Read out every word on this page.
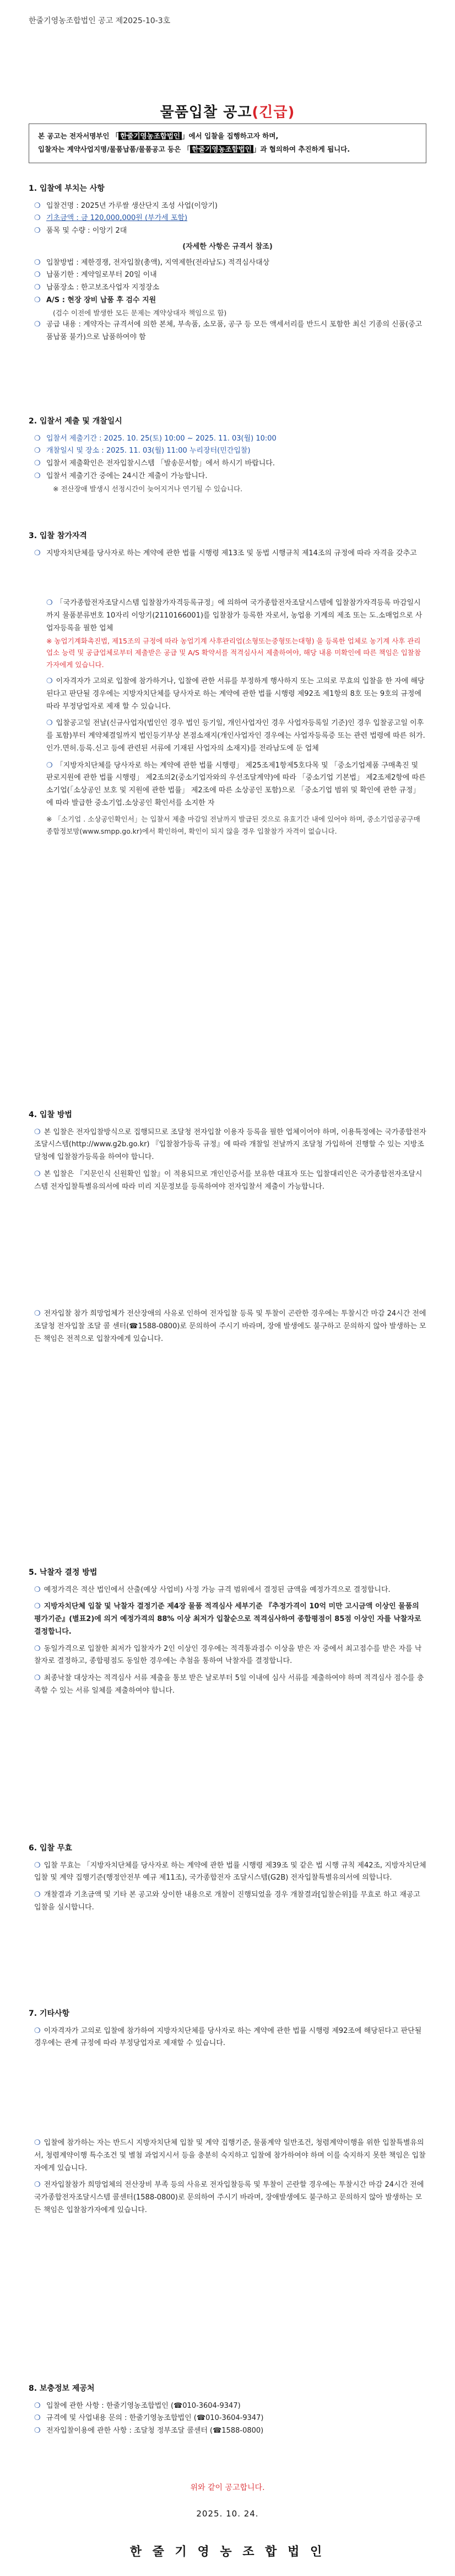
한줄기영농조합법인 공고 제2025-10-3호
물품입찰 공고(긴급)
본 공고는 전자서명부인 「 한줄기영농조합법인 」에서 입찰을 집행하고자 하며,
입찰자는 계약사업지명/물품납품/물품공고 등은 「 한줄기영농조합법인 」과 협의하여 추진하게 됩니다.
1. 입찰에 부치는 사항
❍ 입찰건명 : 2025년 가루쌀 생산단지 조성 사업(이앙기)
❍ 기초금액 : 금 120,000,000원 (부가세 포함)
❍ 품목 및 수량 : 이앙기 2대
(자세한 사항은 규격서 참조)
❍ 입찰방법 : 제한경쟁, 전자입찰(총액), 지역제한(전라남도) 적격심사대상
❍ 납품기한 : 계약일로부터 20일 이내
❍ 납품장소 : 한고보조사업자 지정장소
❍ A/S : 현장 장비 납품 후 검수 지원
(검수 이전에 발생한 모든 문제는 계약상대자 책임으로 함)
❍ 공급 내용 : 계약자는 규격서에 의한 본체, 부속품, 소모품, 공구 등 모든 액세서리를 반드시 포함한 최신 기종의 신품(중고품납품 불가)으로 납품하여야 함
2. 입찰서 제출 및 개찰일시
❍ 입찰서 제출기간 : 2025. 10. 25(토) 10:00 ~ 2025. 11. 03(월) 10:00
❍ 개찰일시 및 장소 : 2025. 11. 03(월) 11:00 누리장터(민간입찰)
❍ 입찰서 제출확인은 전자입찰시스템 「발송문서함」에서 하시기 바랍니다.
❍ 입찰서 제출기간 중에는 24시간 제출이 가능합니다.
※ 전산장애 발생시 선정시간이 늦어지거나 연기될 수 있습니다.
3. 입찰 참가자격
❍ 지방자치단체를 당사자로 하는 계약에 관한 법률 시행령 제13조 및 동법 시행규칙 제14조의 규정에 따라 자격을 갖추고
❍ 「국가종합전자조달시스템 입찰참가자격등록규정」에 의하여 국가종합전자조달시스템에 입찰참가자격등록 마감일시까지 물품분류번호 10자리 이앙기(2110166001)를 입찰참가 등록한 자로서, 농업용 기계의 제조 또는 도․소매업으로 사업자등록을 필한 업체
※ 농업기계화촉진법, 제15조의 규정에 따라 농업기계 사후관리업(소형또는중형또는대형) 을 등록한 업체로 농기계 사후 관리업소 능력 및 공급업체로부터 제출받은 공급 및 A/S 확약서를 적격심사서 제출하여야, 해당 내용 미확인에 따른 책임은 입찰참가자에게 있습니다.
❍ 이자격자가 고의로 입찰에 참가하거나, 입찰에 관한 서류를 부정하게 행사하지 또는 고의로 무효의 입찰을 한 자에 해당된다고 판단될 경우에는 지방자치단체를 당사자로 하는 계약에 관한 법률 시행령 제92조 제1항의 8호 또는 9호의 규정에 따라 부정당업자로 제재 할 수 있습니다.
❍ 입찰공고일 전날(신규사업자(법인인 경우 법인 등기일, 개인사업자인 경우 사업자등록일 기준)인 경우 입찰공고일 이후를 포함)부터 계약체결일까지 법인등기부상 본점소재지(개인사업자인 경우에는 사업자등록증 또는 관련 법령에 따른 허가․인가․면허․등록․신고 등에 관련된 서류에 기재된 사업자의 소재지)를 전라남도에 둔 업체
❍ 「지방자치단체를 당사자로 하는 계약에 관한 법률 시행령」 제25조제1항제5호다목 및 「중소기업제품 구매촉진 및 판로지원에 관한 법률 시행령」 제2조의2(중소기업자와의 우선조달계약)에 따라 「중소기업 기본법」 제2조제2항에 따른 소기업(「소상공인 보호 및 지원에 관한 법률」 제2조에 따른 소상공인 포함)으로 「중소기업 범위 및 확인에 관한 규정」에 따라 발급한 중소기업․소상공인 확인서를 소지한 자
※ 「소기업 ․ 소상공인확인서」는 입찰서 제출 마감일 전날까지 발급된 것으로 유효기간 내에 있어야 하며, 중소기업공공구매 종합정보망(www.smpp.go.kr)에서 확인하여, 확인이 되지 않을 경우 입찰참가 자격이 없습니다.
4. 입찰 방법
❍ 본 입찰은 전자입찰방식으로 집행되므로 조달청 전자입찰 이용자 등록을 필한 업체이어야 하며, 이용특정에는 국가종합전자조달시스템(http://www.g2b.go.kr) 『입찰참가등록 규정』에 따라 개찰일 전날까지 조달청 가입하여 진행할 수 있는 지방조달청에 입찰참가등록을 하여야 합니다.
❍ 본 입찰은 『지문인식 신원확인 입찰』이 적용되므로 개인인증서를 보유한 대표자 또는 입찰대리인은 국가종합전자조달시스템 전자입찰특별유의서에 따라 미리 지문정보를 등록하여야 전자입찰서 제출이 가능합니다.
❍ 전자입찰 참가 희망업체가 전산장애의 사유로 인하여 전자입찰 등록 및 투찰이 곤란한 경우에는 투찰시간 마감 24시간 전에 조달청 전자입찰 조달 콜 센터(☎1588-0800)로 문의하여 주시기 바라며, 장애 발생에도 불구하고 문의하지 않아 발생하는 모든 책임은 전적으로 입찰자에게 있습니다.
5. 낙찰자 결정 방법
❍ 예정가격은 적산 법인에서 산출(예상 사업비) 사정 가능 규격 범위에서 결정된 금액을 예정가격으로 결정합니다.
❍ 지방자치단체 입찰 및 낙찰자 결정기준 제4장 물품 적격심사 세부기준 『추정가격이 10억 미만 고시금액 이상인 물품의 평가기준』(별표2)에 의거 예정가격의 88% 이상 최저가 입찰순으로 적격심사하여 종합평점이 85점 이상인 자를 낙찰자로 결정합니다.
❍ 동일가격으로 입찰한 최저가 입찰자가 2인 이상인 경우에는 적격통과점수 이상을 받은 자 중에서 최고점수를 받은 자를 낙찰자로 결정하고, 종합평점도 동일한 경우에는 추첨을 통하여 낙찰자를 결정합니다.
❍ 최종낙찰 대상자는 적격심사 서류 제출을 통보 받은 날로부터 5일 이내에 심사 서류를 제출하여야 하며 적격심사 점수를 충족할 수 있는 서류 일체를 제출하여야 합니다.
6. 입찰 무효
❍ 입찰 무효는 「지방자치단체를 당사자로 하는 계약에 관한 법률 시행령 제39조 및 같은 법 시행 규칙 제42조, 지방자치단체 입찰 및 계약 집행기준(행정안전부 예규 제11조), 국가종합전자 조달시스템(G2B) 전자입찰특별유의서에 의합니다.
❍ 개찰결과 기초금액 및 기타 본 공고와 상이한 내용으로 개찰이 진행되었을 경우 개찰결과[입찰순위]를 무효로 하고 재공고 입찰을 실시합니다.
7. 기타사항
❍ 이자격자가 고의로 입찰에 참가하여 지방자치단체를 당사자로 하는 계약에 관한 법률 시행령 제92조에 해당된다고 판단될 경우에는 관계 규정에 따라 부정당업자로 제재할 수 있습니다.
❍ 입찰에 참가하는 자는 반드시 지방자치단체 입찰 및 계약 집행기준, 물품계약 일반조건, 청렴계약이행을 위한 입찰특별유의서, 청렴계약이행 특수조건 및 별첨 과업지시서 등을 충분히 숙지하고 입찰에 참가하여야 하며 이를 숙지하지 못한 책임은 입찰자에게 있습니다.
❍ 전자입찰참가 희망업체의 전산장비 부족 등의 사유로 전자입찰등록 및 투찰이 곤란할 경우에는 투찰시간 마감 24시간 전에 국가종합전자조달시스템 콜센터(1588-0800)로 문의하여 주시기 바라며, 장애발생에도 불구하고 문의하지 않아 발생하는 모든 책임은 입찰참가자에게 있습니다.
8. 보충정보 제공처
❍ 입찰에 관한 사항 : 한줄기영농조합법인 (☎010-3604-9347)
❍ 규격에 및 사업내용 문의 : 한줄기영농조합법인 (☎010-3604-9347)
❍ 전자입찰이용에 관한 사항 : 조달청 정부조달 콜센터 (☎1588-0800)
위와 같이 공고합니다.
2025. 10. 24.
한 줄 기 영 농 조 합 법 인
